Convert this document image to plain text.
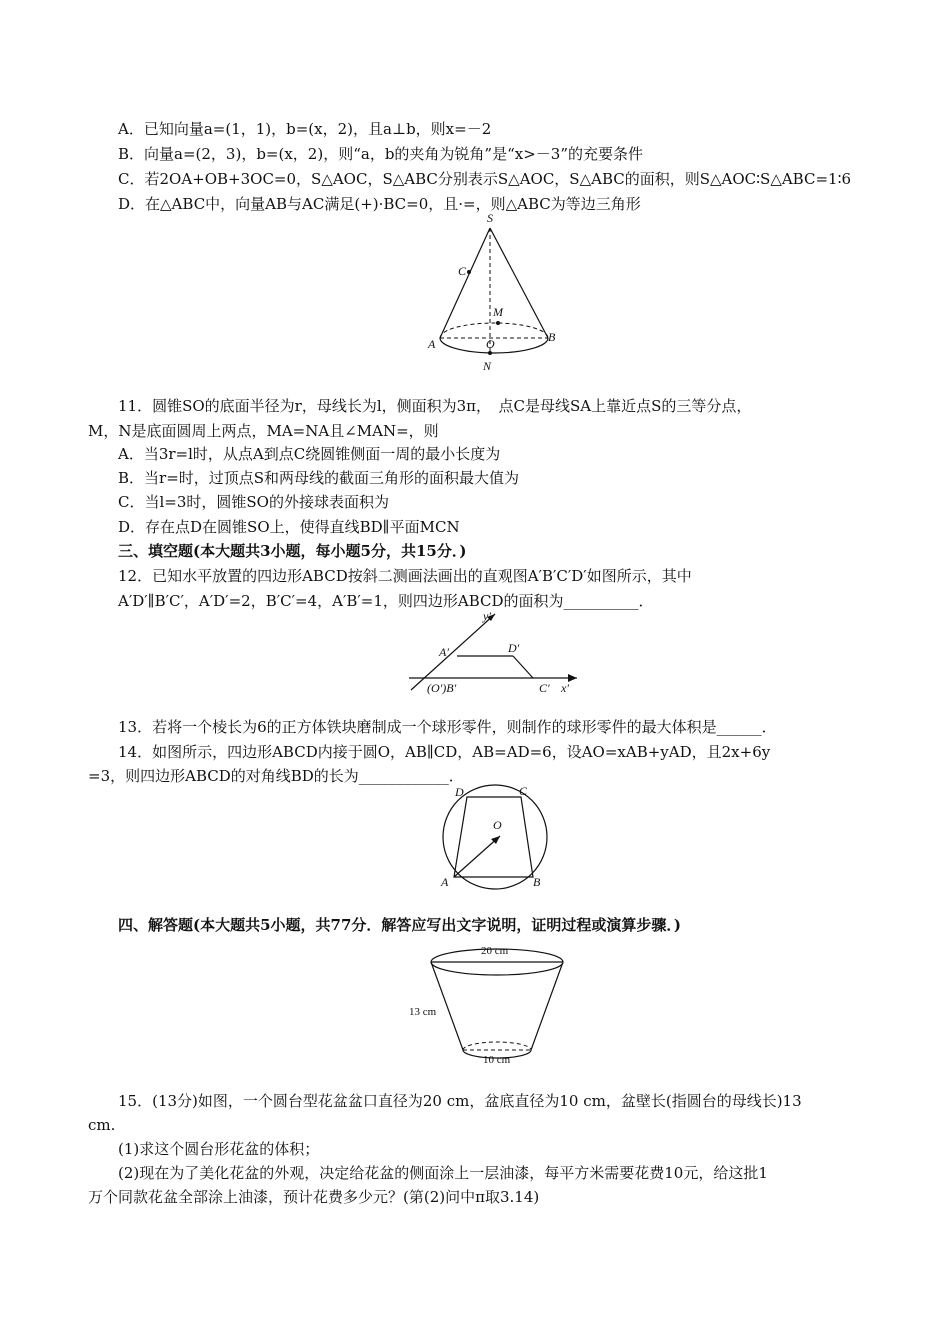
A．已知向量a=(1，1)，b=(x，2)，且a⊥b，则x=－2
B．向量a=(2，3)，b=(x，2)，则“a，b的夹角为锐角”是“x>－3”的充要条件
C．若2OA+OB+3OC=0，S△AOC，S△ABC分别表示S△AOC，S△ABC的面积，则S△AOC∶S△ABC=1∶6
D．在△ABC中，向量AB与AC满足(+)·BC=0，且·=，则△ABC为等边三角形
S
C
M
A	B
O
N
11．圆锥SO的底面半径为r，母线长为l，侧面积为3π，　点C是母线SA上靠近点S的三等分点，
M，N是底面圆周上两点，MA=NA且∠MAN=，则
A．当3r=l时，从点A到点C绕圆锥侧面一周的最小长度为
B．当r=时，过顶点S和两母线的截面三角形的面积最大值为
C．当l=3时，圆锥SO的外接球表面积为
D．存在点D在圆锥SO上，使得直线BD∥平面MCN
三、填空题(本大题共3小题，每小题5分，共15分．)
12．已知水平放置的四边形ABCD按斜二测画法画出的直观图A′B′C′D′如图所示，其中
A′D′∥B′C′，A′D′=2，B′C′=4，A′B′=1，则四边形ABCD的面积为__________．
y′
A′	D′
(O′)B′	C′ x′
13．若将一个棱长为6的正方体铁块磨制成一个球形零件，则制作的球形零件的最大体积是______．
14．如图所示，四边形ABCD内接于圆O，AB∥CD，AB=AD=6，设AO=xAB+yAD，且2x+6y
=3，则四边形ABCD的对角线BD的长为____________．
D	C
O
A	B
四、解答题(本大题共5小题，共77分．解答应写出文字说明，证明过程或演算步骤．)
20 cm
13 cm
10 cm
15．(13分)如图，一个圆台型花盆盆口直径为20 cm，盆底直径为10 cm，盆壁长(指圆台的母线长)13
cm.
(1)求这个圆台形花盆的体积；
(2)现在为了美化花盆的外观，决定给花盆的侧面涂上一层油漆，每平方米需要花费10元，给这批1
万个同款花盆全部涂上油漆，预计花费多少元？(第(2)问中π取3.14)
